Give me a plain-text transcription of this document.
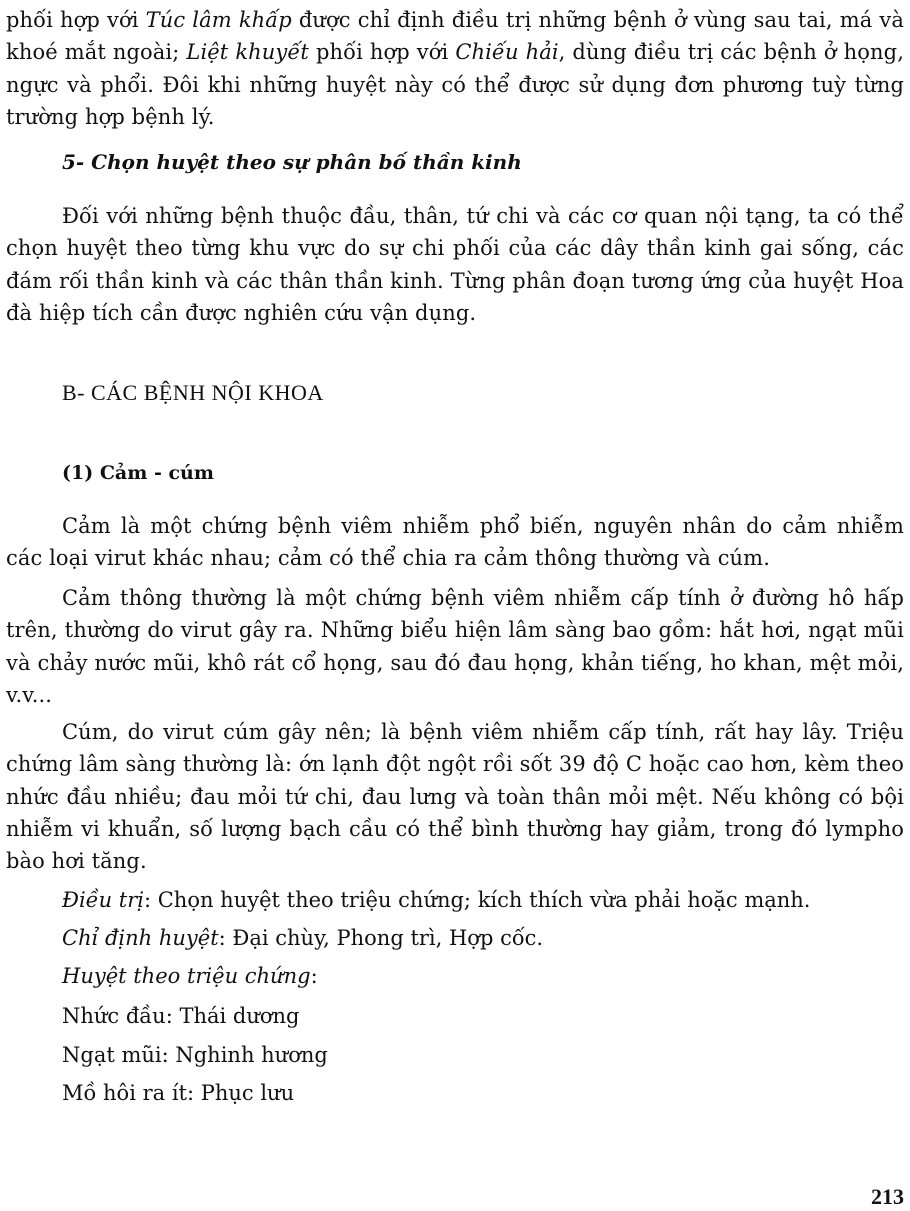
phối hợp với Túc lâm khấp được chỉ định điều trị những bệnh ở vùng sau tai, má và khoé mắt ngoài; Liệt khuyết phối hợp với Chiếu hải, dùng điều trị các bệnh ở họng, ngực và phổi. Đôi khi những huyệt này có thể được sử dụng đơn phương tuỳ từng trường hợp bệnh lý.

5- Chọn huyệt theo sự phân bố thần kinh

Đối với những bệnh thuộc đầu, thân, tứ chi và các cơ quan nội tạng, ta có thể chọn huyệt theo từng khu vực do sự chi phối của các dây thần kinh gai sống, các đám rối thần kinh và các thân thần kinh. Từng phân đoạn tương ứng của huyệt Hoa đà hiệp tích cần được nghiên cứu vận dụng.

B- CÁC BỆNH NỘI KHOA

(1) Cảm - cúm

Cảm là một chứng bệnh viêm nhiễm phổ biến, nguyên nhân do cảm nhiễm các loại virut khác nhau; cảm có thể chia ra cảm thông thường và cúm.

Cảm thông thường là một chứng bệnh viêm nhiễm cấp tính ở đường hô hấp trên, thường do virut gây ra. Những biểu hiện lâm sàng bao gồm: hắt hơi, ngạt mũi và chảy nước mũi, khô rát cổ họng, sau đó đau họng, khản tiếng, ho khan, mệt mỏi, v.v...

Cúm, do virut cúm gây nên; là bệnh viêm nhiễm cấp tính, rất hay lây. Triệu chứng lâm sàng thường là: ớn lạnh đột ngột rồi sốt 39 độ C hoặc cao hơn, kèm theo nhức đầu nhiều; đau mỏi tứ chi, đau lưng và toàn thân mỏi mệt. Nếu không có bội nhiễm vi khuẩn, số lượng bạch cầu có thể bình thường hay giảm, trong đó lympho bào hơi tăng.

Điều trị: Chọn huyệt theo triệu chứng; kích thích vừa phải hoặc mạnh.

Chỉ định huyệt: Đại chùy, Phong trì, Hợp cốc.

Huyệt theo triệu chứng:

Nhức đầu: Thái dương

Ngạt mũi: Nghinh hương

Mồ hôi ra ít: Phục lưu

213
